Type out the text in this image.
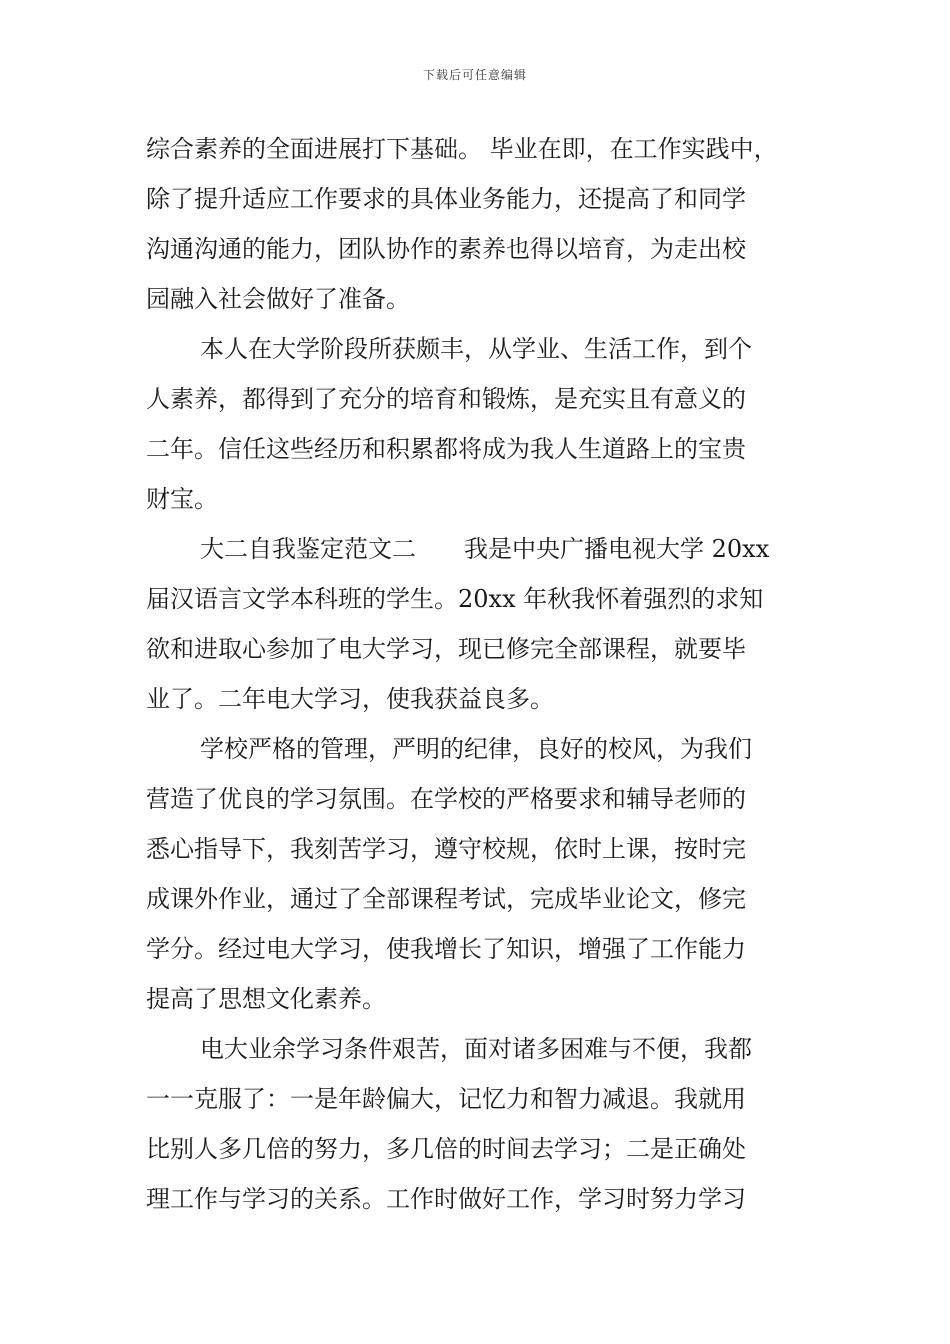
下载后可任意编辑
综合素养的全面进展打下基础。 毕业在即，在工作实践中，
除了提升适应工作要求的具体业务能力，还提高了和同学
沟通沟通的能力，团队协作的素养也得以培育，为走出校
园融入社会做好了准备。
本人在大学阶段所获颇丰，从学业、生活工作，到个
人素养，都得到了充分的培育和锻炼，是充实且有意义的
二年。信任这些经历和积累都将成为我人生道路上的宝贵
财宝。
大二自我鉴定范文二　　我是中央广播电视大学 20xx
届汉语言文学本科班的学生。20xx 年秋我怀着强烈的求知
欲和进取心参加了电大学习，现已修完全部课程，就要毕
业了。二年电大学习，使我获益良多。
学校严格的管理，严明的纪律，良好的校风，为我们
营造了优良的学习氛围。在学校的严格要求和辅导老师的
悉心指导下，我刻苦学习，遵守校规，依时上课，按时完
成课外作业，通过了全部课程考试，完成毕业论文，修完
学分。经过电大学习，使我增长了知识，增强了工作能力
提高了思想文化素养。
电大业余学习条件艰苦，面对诸多困难与不便，我都
一一克服了：一是年龄偏大，记忆力和智力减退。我就用
比别人多几倍的努力，多几倍的时间去学习；二是正确处
理工作与学习的关系。工作时做好工作，学习时努力学习
